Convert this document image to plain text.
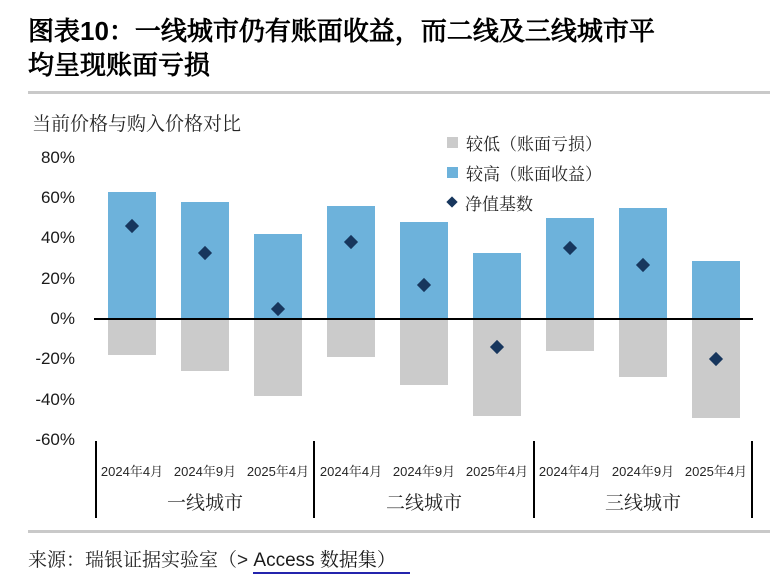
图表10：一线城市仍有账面收益，而二线及三线城市平均呈现账面亏损
当前价格与购入价格对比
较低（账面亏损）
较高（账面收益）
净值基数
80%
60%
40%
20%
0%
-20%
-40%
-60%
2024年4月 2024年9月 2025年4月 2024年4月 2024年9月 2025年4月 2024年4月 2024年9月 2025年4月
一线城市	二线城市	三线城市
来源：瑞银证据实验室（> Access 数据集）
